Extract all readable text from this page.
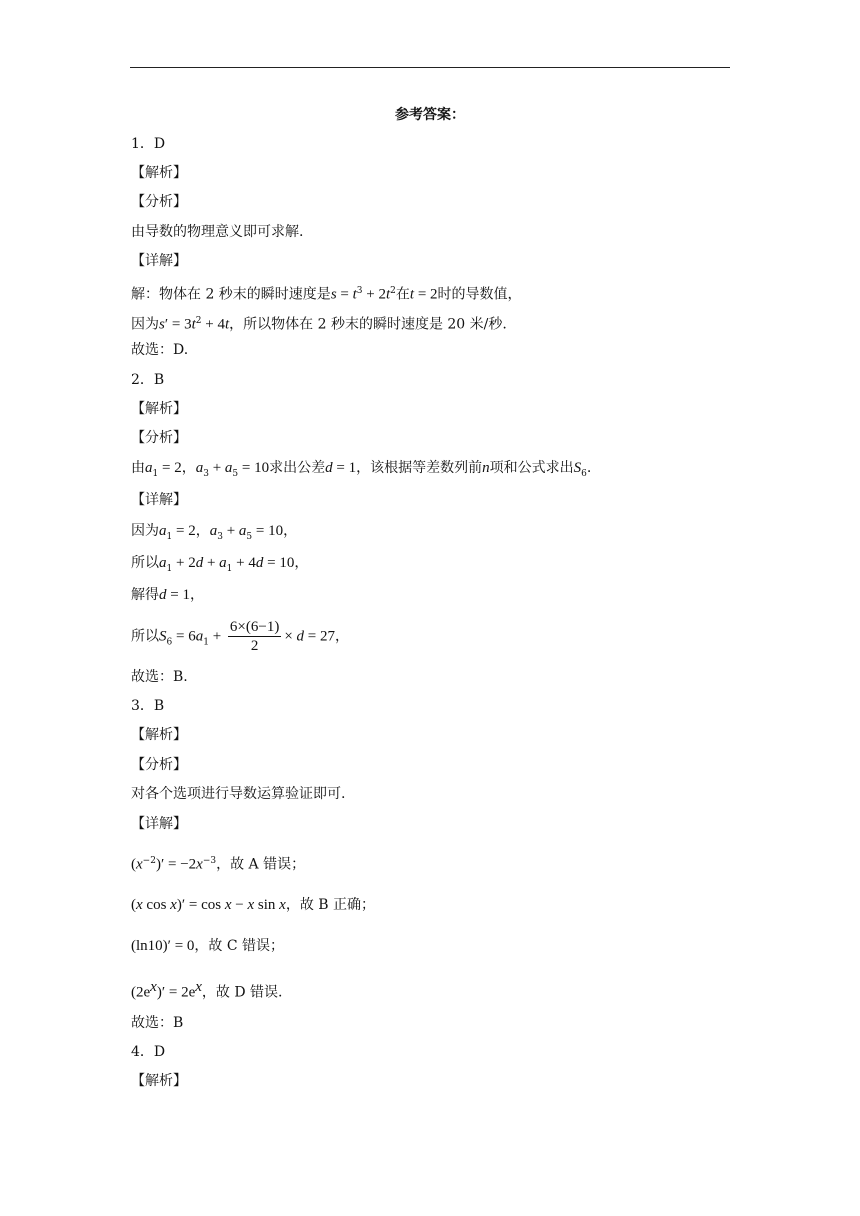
参考答案：
1．D
【解析】
【分析】
由导数的物理意义即可求解.
【详解】
解：物体在 2 秒末的瞬时速度是$s = t^3 + 2t^2$在t = 2时的导数值，
因为$s' = 3t^2 + 4t$，所以物体在 2 秒末的瞬时速度是 20 米/秒.
故选：D.
2．B
【解析】
【分析】
由$a_1 = 2$，$a_3 + a_5 = 10$求出公差d = 1，该根据等差数列前n项和公式求出$S_6$.
【详解】
因为$a_1 = 2$，$a_3 + a_5 = 10$，
所以$a_1 + 2d + a_1 + 4d = 10$，
解得d = 1，
所以$S_6 = 6a_1 + \frac{6\times(6-1)}{2} \times d = 27$，
故选：B.
3．B
【解析】
【分析】
对各个选项进行导数运算验证即可.
【详解】
$(x^{-2})' = -2x^{-3}$，故 A 错误；
(x cos x)′ = cos x − x sin x，故 B 正确；
(ln10)′ = 0，故 C 错误；
$(2e^x)' = 2e^x$，故 D 错误.
故选：B
4．D
【解析】
